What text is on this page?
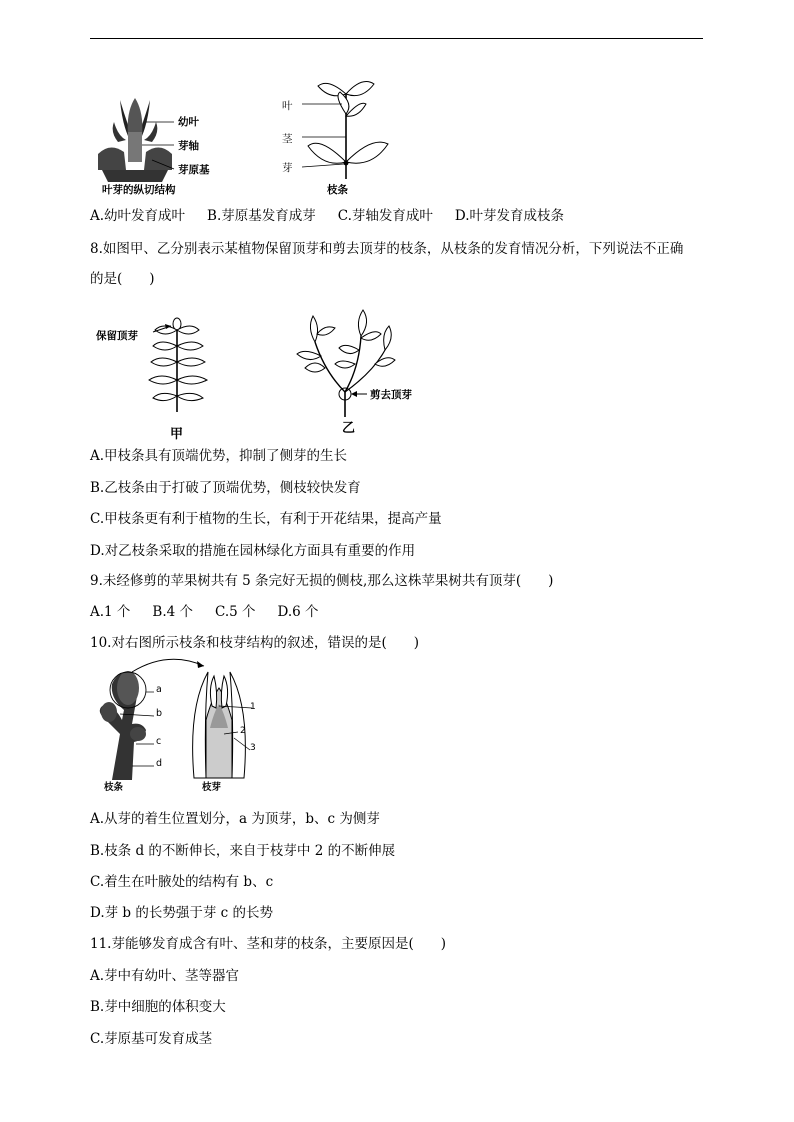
幼叶
芽轴
芽原基
叶芽的纵切结构
叶
茎
芽
枝条
A.幼叶发育成叶 B.芽原基发育成芽 C.芽轴发育成叶 D.叶芽发育成枝条
8.如图甲、乙分别表示某植物保留顶芽和剪去顶芽的枝条，从枝条的发育情况分析，下列说法不正确
的是(　　)
保留顶芽
甲
剪去顶芽
乙
A.甲枝条具有顶端优势，抑制了侧芽的生长
B.乙枝条由于打破了顶端优势，侧枝较快发育
C.甲枝条更有利于植物的生长，有利于开花结果，提高产量
D.对乙枝条采取的措施在园林绿化方面具有重要的作用
9.未经修剪的苹果树共有 5 条完好无损的侧枝,那么这株苹果树共有顶芽(　　)
A.1 个 B.4 个 C.5 个 D.6 个
10.对右图所示枝条和枝芽结构的叙述，错误的是(　　)
a
b
c
d
枝条
1
2
3
枝芽
A.从芽的着生位置划分，a 为顶芽，b、c 为侧芽
B.枝条 d 的不断伸长，来自于枝芽中 2 的不断伸展
C.着生在叶腋处的结构有 b、c
D.芽 b 的长势强于芽 c 的长势
11.芽能够发育成含有叶、茎和芽的枝条，主要原因是(　　)
A.芽中有幼叶、茎等器官
B.芽中细胞的体积变大
C.芽原基可发育成茎
